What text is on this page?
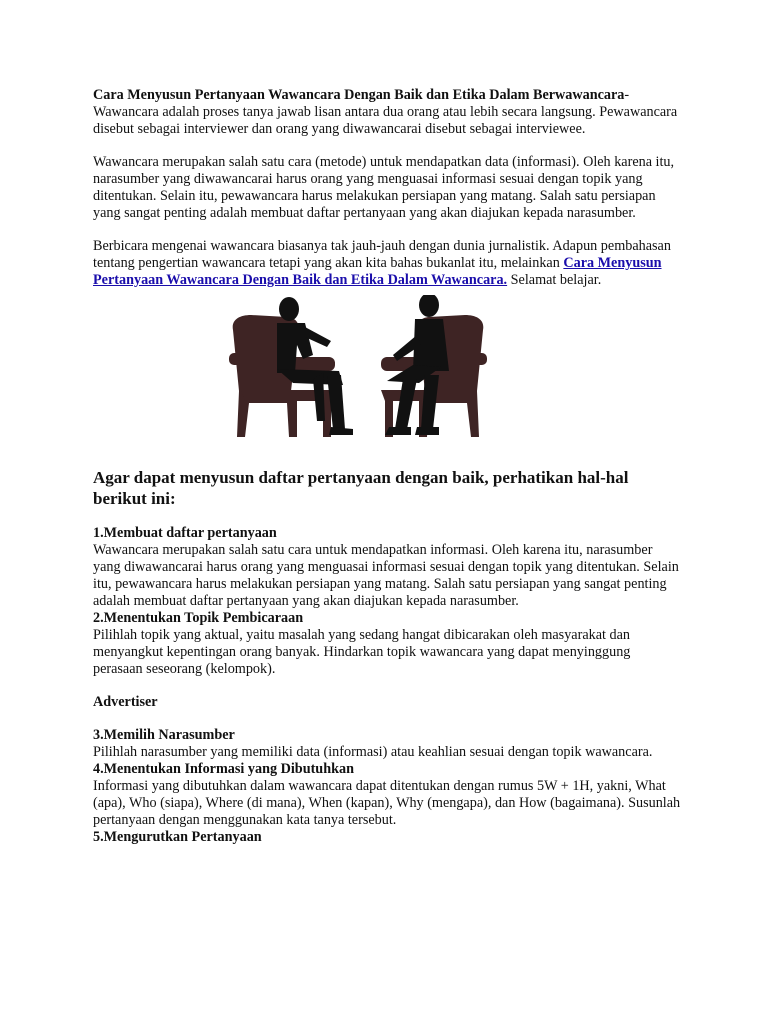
Cara Menyusun Pertanyaan Wawancara Dengan Baik dan Etika Dalam Berwawancara-Wawancara adalah proses tanya jawab lisan antara dua orang atau lebih secara langsung. Pewawancara disebut sebagai interviewer dan orang yang diwawancarai disebut sebagai interviewee.

Wawancara merupakan salah satu cara (metode) untuk mendapatkan data (informasi). Oleh karena itu, narasumber yang diwawancarai harus orang yang menguasai informasi sesuai dengan topik yang ditentukan. Selain itu, pewawancara harus melakukan persiapan yang matang. Salah satu persiapan yang sangat penting adalah membuat daftar pertanyaan yang akan diajukan kepada narasumber.

Berbicara mengenai wawancara biasanya tak jauh-jauh dengan dunia jurnalistik. Adapun pembahasan tentang pengertian wawancara tetapi yang akan kita bahas bukanlat itu, melainkan Cara Menyusun Pertanyaan Wawancara Dengan Baik dan Etika Dalam Wawancara. Selamat belajar.

Agar dapat menyusun daftar pertanyaan dengan baik, perhatikan hal-hal berikut ini:

1.Membuat daftar pertanyaan

Wawancara merupakan salah satu cara untuk mendapatkan informasi. Oleh karena itu, narasumber yang diwawancarai harus orang yang menguasai informasi sesuai dengan topik yang ditentukan. Selain itu, pewawancara harus melakukan persiapan yang matang. Salah satu persiapan yang sangat penting adalah membuat daftar pertanyaan yang akan diajukan kepada narasumber.

2.Menentukan Topik Pembicaraan

Pilihlah topik yang aktual, yaitu masalah yang sedang hangat dibicarakan oleh masyarakat dan menyangkut kepentingan orang banyak. Hindarkan topik wawancara yang dapat menyinggung perasaan seseorang (kelompok).

Advertiser

3.Memilih Narasumber

Pilihlah narasumber yang memiliki data (informasi) atau keahlian sesuai dengan topik wawancara.

4.Menentukan Informasi yang Dibutuhkan

Informasi yang dibutuhkan dalam wawancara dapat ditentukan dengan rumus 5W + 1H, yakni, What (apa), Who (siapa), Where (di mana), When (kapan), Why (mengapa), dan How (bagaimana). Susunlah pertanyaan dengan menggunakan kata tanya tersebut.

5.Mengurutkan Pertanyaan
